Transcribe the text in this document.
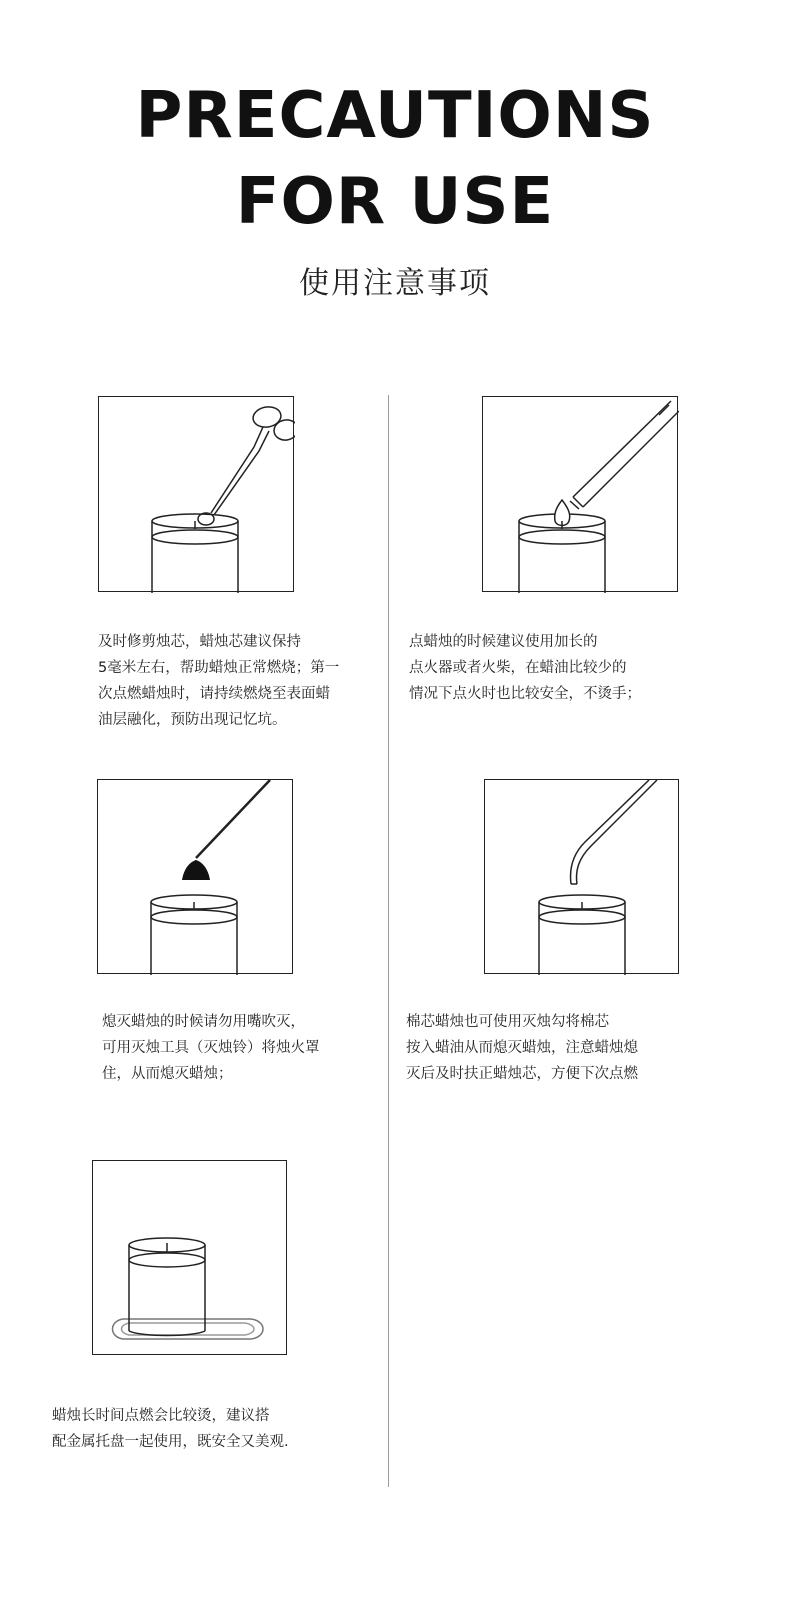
PRECAUTIONS
FOR USE
使用注意事项
及时修剪烛芯，蜡烛芯建议保持
5毫米左右，帮助蜡烛正常燃烧；第一
次点燃蜡烛时，请持续燃烧至表面蜡
油层融化，预防出现记忆坑。
点蜡烛的时候建议使用加长的
点火器或者火柴，在蜡油比较少的
情况下点火时也比较安全，不烫手；
熄灭蜡烛的时候请勿用嘴吹灭，
可用灭烛工具（灭烛铃）将烛火罩
住，从而熄灭蜡烛；
棉芯蜡烛也可使用灭烛勾将棉芯
按入蜡油从而熄灭蜡烛，注意蜡烛熄
灭后及时扶正蜡烛芯，方便下次点燃
蜡烛长时间点燃会比较烫，建议搭
配金属托盘一起使用，既安全又美观.
